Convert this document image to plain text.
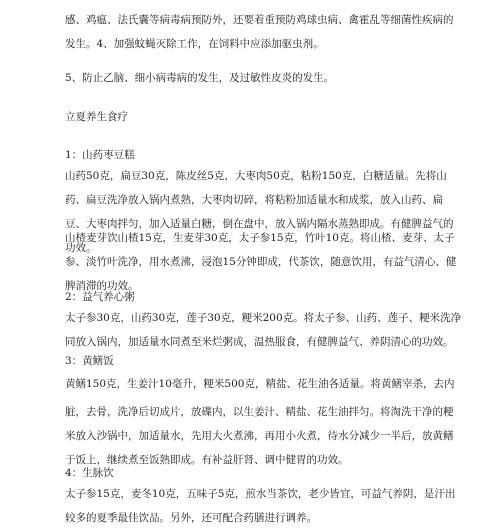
感、鸡瘟、法氏囊等病毒病预防外，还要着重预防鸡球虫病、禽霍乱等细菌性疾病的发生。4、加强蚊蝇灭除工作，在饲料中应添加驱虫剂。

5、防止乙脑、细小病毒病的发生，及过敏性皮炎的发生。

立夏养生食疗

1：山药枣豆糕

山药50克，扁豆30克，陈皮丝5克，大枣肉50克，粘粉150克，白糖适量。先将山药、扁豆洗净放入锅内煮熟，大枣肉切碎，将粘粉加适量水和成浆，放入山药、扁豆、大枣肉拌匀，加入适量白糖，倒在盘中，放入锅内隔水蒸熟即成。有健脾益气的功效。

山楂麦芽饮山楂15克，生麦芽30克，太子参15克，竹叶10克。将山楂、麦芽、太子参、淡竹叶洗净，用水煮沸，浸泡15分钟即成，代茶饮，随意饮用，有益气清心、健脾消滞的功效。

2：益气养心粥

太子参30克，山药30克，莲子30克，粳米200克。将太子参、山药、莲子、粳米洗净同放入锅内，加适量水同煮至米烂粥成，温热服食，有健脾益气、养阴清心的功效。

3：黄鳝饭

黄鳝150克，生姜汁10毫升，粳米500克，精盐、花生油各适量。将黄鳝宰杀，去内

脏，去骨，洗净后切成片，放碟内，以生姜汁、精盐、花生油拌匀。将淘洗干净的粳米放入沙锅中，加适量水，先用大火煮沸，再用小火煮，待水分减少一半后，放黄鳝于饭上，继续煮至饭熟即成。有补益肝肾、调中健胃的功效。

4：生脉饮

太子参15克，麦冬10克，五味子5克，煎水当茶饮，老少皆宜，可益气养阴，是汗出较多的夏季最佳饮品。另外，还可配合药膳进行调养。
